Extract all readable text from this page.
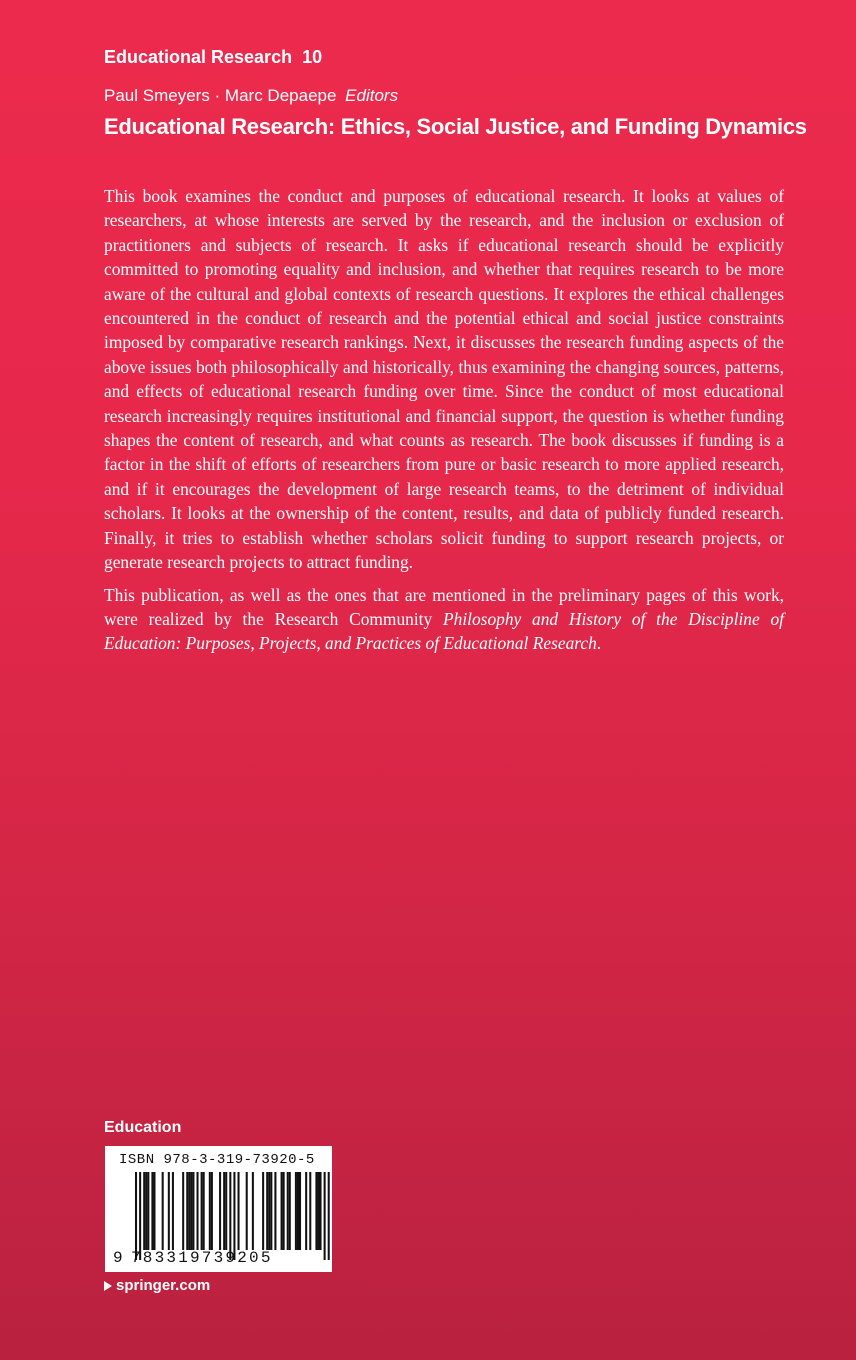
Educational Research 10
Paul Smeyers · Marc Depaepe Editors
Educational Research: Ethics, Social Justice, and Funding Dynamics

This book examines the conduct and purposes of educational research. It looks at values of researchers, at whose interests are served by the research, and the inclusion or exclusion of practitioners and subjects of research. It asks if educational research should be explicitly committed to promoting equality and inclusion, and whether that requires research to be more aware of the cultural and global contexts of research questions. It explores the ethical challenges encountered in the conduct of research and the potential ethical and social justice constraints imposed by comparative research rankings. Next, it discusses the research funding aspects of the above issues both philosophically and historically, thus examining the changing sources, patterns, and effects of educational research funding over time. Since the conduct of most educational research increasingly requires institutional and financial support, the question is whether funding shapes the content of research, and what counts as research. The book discusses if funding is a factor in the shift of efforts of researchers from pure or basic research to more applied research, and if it encourages the development of large research teams, to the detriment of individual scholars. It looks at the ownership of the content, results, and data of publicly funded research. Finally, it tries to establish whether scholars solicit funding to support research projects, or generate research projects to attract funding.

This publication, as well as the ones that are mentioned in the preliminary pages of this work, were realized by the Research Community Philosophy and History of the Discipline of Education: Purposes, Projects, and Practices of Educational Research.

Education
ISBN 978-3-319-73920-5
9 783319739205
springer.com
